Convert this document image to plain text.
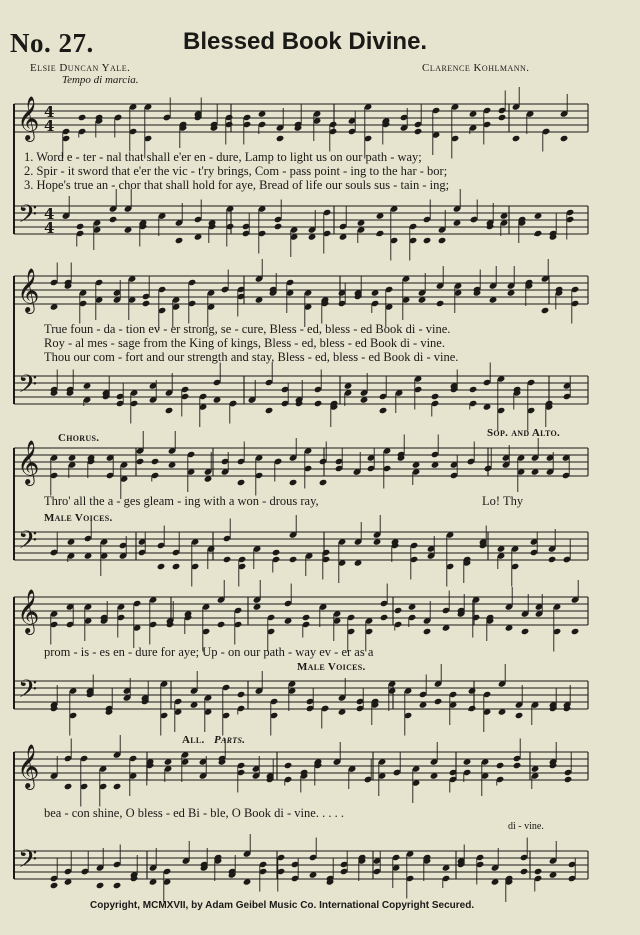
𝄞
𝄢
4
4
4
4
𝄞
𝄢
𝄞
𝄢
𝄞
𝄢
𝄞
𝄢
No. 27.	Blessed Book Divine.
Elsie Duncan Yale.	Clarence Kohlmann.
Tempo di marcia.
1. Word e - ter - nal that shall e'er en - dure, Lamp to light us on our path - way;
2. Spir - it sword that e'er the vic - t'ry brings, Com - pass point - ing to the har - bor;
3. Hope's true an - chor that shall hold for aye, Bread of life our souls sus - tain - ing;
True foun - da - tion ev - er strong, se - cure, Bless - ed, bless - ed Book di - vine.
Roy - al mes - sage from the King of kings, Bless - ed, bless - ed Book di - vine.
Thou our com - fort and our strength and stay, Bless - ed, bless - ed Book di - vine.
Chorus.	Sop. and Alto.
Thro' all the a - ges gleam - ing with a won - drous ray,	Lo! Thy
Male Voices.
prom - is - es en - dure for aye; Up - on our path - way ev - er as a
Male Voices.
All. Parts.
bea - con shine, O bless - ed Bi - ble, O Book di - vine. . . . .
di - vine.
Copyright, MCMXVII, by Adam Geibel Music Co. International Copyright Secured.
